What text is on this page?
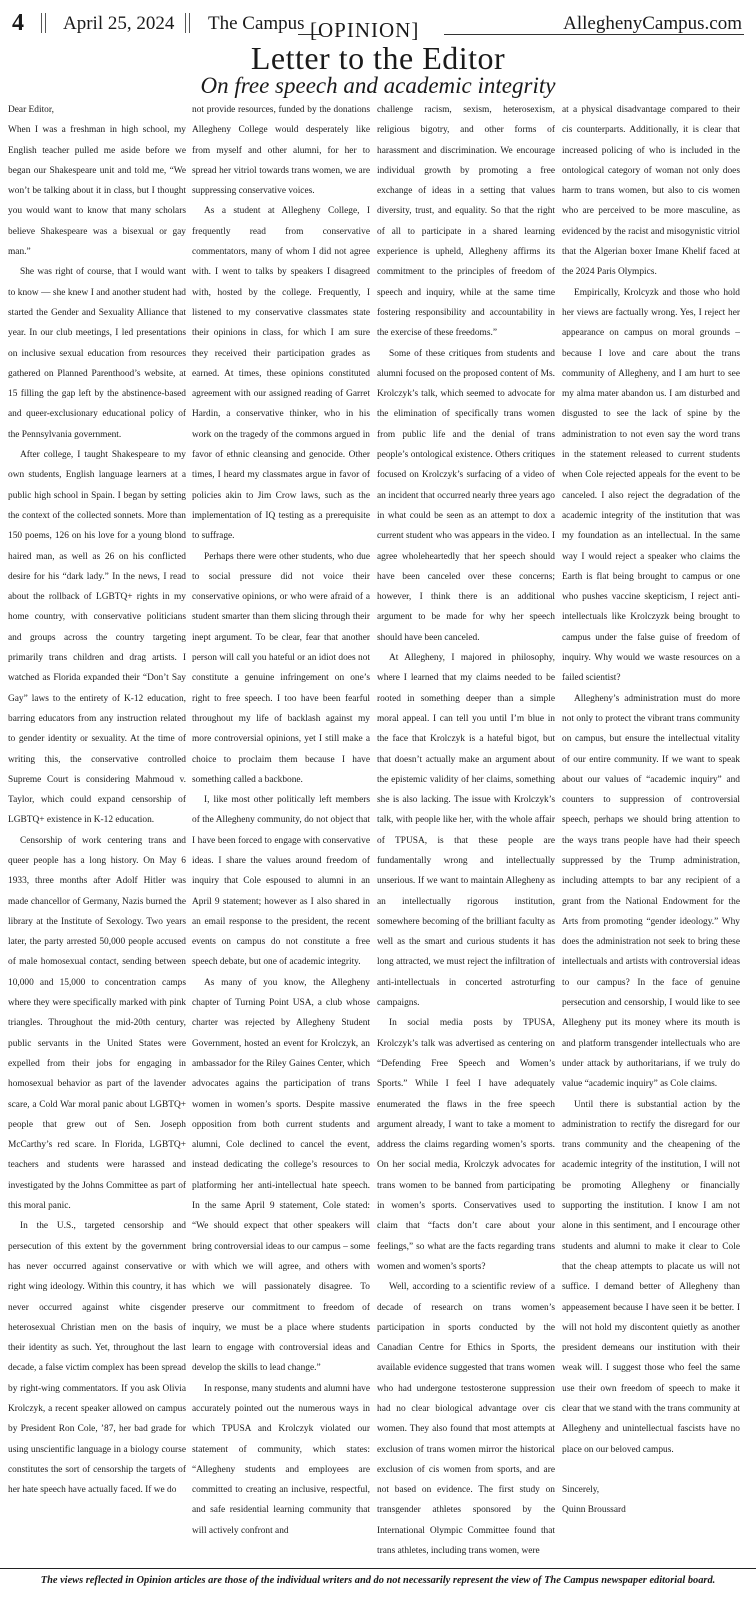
4 April 25, 2024 The Campus	AlleghenyCampus.com
[OPINION]
Letter to the Editor
On free speech and academic integrity

Dear Editor,

When I was a freshman in high school, my English teacher pulled me aside before we began our Shakespeare unit and told me, “We won’t be talking about it in class, but I thought you would want to know that many scholars believe Shakespeare was a bisexual or gay man.”

She was right of course, that I would want to know — she knew I and another student had started the Gender and Sexuality Alliance that year. In our club meetings, I led presentations on inclusive sexual education from resources gathered on Planned Parenthood’s website, at 15 filling the gap left by the abstinence-based and queer-exclusionary educational policy of the Pennsylvania government.

After college, I taught Shakespeare to my own students, English language learners at a public high school in Spain. I began by setting the context of the collected sonnets. More than 150 poems, 126 on his love for a young blond haired man, as well as 26 on his conflicted desire for his “dark lady.” In the news, I read about the rollback of LGBTQ+ rights in my home country, with conservative politicians and groups across the country targeting primarily trans children and drag artists. I watched as Florida expanded their “Don’t Say Gay” laws to the entirety of K-12 education, barring educators from any instruction related to gender identity or sexuality. At the time of writing this, the conservative controlled Supreme Court is considering Mahmoud v. Taylor, which could expand censorship of LGBTQ+ existence in K-12 education.

Censorship of work centering trans and queer people has a long history. On May 6 1933, three months after Adolf Hitler was made chancellor of Germany, Nazis burned the library at the Institute of Sexology. Two years later, the party arrested 50,000 people accused of male homosexual contact, sending between 10,000 and 15,000 to concentration camps where they were specifically marked with pink triangles. Throughout the mid-20th century, public servants in the United States were expelled from their jobs for engaging in homosexual behavior as part of the lavender scare, a Cold War moral panic about LGBTQ+ people that grew out of Sen. Joseph McCarthy’s red scare. In Florida, LGBTQ+ teachers and students were harassed and investigated by the Johns Committee as part of this moral panic.

In the U.S., targeted censorship and persecution of this extent by the government has never occurred against conservative or right wing ideology. Within this country, it has never occurred against white cisgender heterosexual Christian men on the basis of their identity as such. Yet, throughout the last decade, a false victim complex has been spread by right-wing commentators. If you ask Olivia Krolczyk, a recent speaker allowed on campus by President Ron Cole, ’87, her bad grade for using unscientific language in a biology course constitutes the sort of censorship the targets of her hate speech have actually faced. If we do

not provide resources, funded by the donations Allegheny College would desperately like from myself and other alumni, for her to spread her vitriol towards trans women, we are suppressing conservative voices.

As a student at Allegheny College, I frequently read from conservative commentators, many of whom I did not agree with. I went to talks by speakers I disagreed with, hosted by the college. Frequently, I listened to my conservative classmates state their opinions in class, for which I am sure they received their participation grades as earned. At times, these opinions constituted agreement with our assigned reading of Garret Hardin, a conservative thinker, who in his work on the tragedy of the commons argued in favor of ethnic cleansing and genocide. Other times, I heard my classmates argue in favor of policies akin to Jim Crow laws, such as the implementation of IQ testing as a prerequisite to suffrage.

Perhaps there were other students, who due to social pressure did not voice their conservative opinions, or who were afraid of a student smarter than them slicing through their inept argument. To be clear, fear that another person will call you hateful or an idiot does not constitute a genuine infringement on one’s right to free speech. I too have been fearful throughout my life of backlash against my more controversial opinions, yet I still make a choice to proclaim them because I have something called a backbone.

I, like most other politically left members of the Allegheny community, do not object that I have been forced to engage with conservative ideas. I share the values around freedom of inquiry that Cole espoused to alumni in an April 9 statement; however as I also shared in an email response to the president, the recent events on campus do not constitute a free speech debate, but one of academic integrity.

As many of you know, the Allegheny chapter of Turning Point USA, a club whose charter was rejected by Allegheny Student Government, hosted an event for Krolczyk, an ambassador for the Riley Gaines Center, which advocates agains the participation of trans women in women’s sports. Despite massive opposition from both current students and alumni, Cole declined to cancel the event, instead dedicating the college’s resources to platforming her anti-intellectual hate speech. In the same April 9 statement, Cole stated: “We should expect that other speakers will bring controversial ideas to our campus – some with which we will agree, and others with which we will passionately disagree. To preserve our commitment to freedom of inquiry, we must be a place where students learn to engage with controversial ideas and develop the skills to lead change.”

In response, many students and alumni have accurately pointed out the numerous ways in which TPUSA and Krolczyk violated our statement of community, which states: “Allegheny students and employees are committed to creating an inclusive, respectful, and safe residential learning community that will actively confront and

challenge racism, sexism, heterosexism, religious bigotry, and other forms of harassment and discrimination. We encourage individual growth by promoting a free exchange of ideas in a setting that values diversity, trust, and equality. So that the right of all to participate in a shared learning experience is upheld, Allegheny affirms its commitment to the principles of freedom of speech and inquiry, while at the same time fostering responsibility and accountability in the exercise of these freedoms.”

Some of these critiques from students and alumni focused on the proposed content of Ms. Krolczyk’s talk, which seemed to advocate for the elimination of specifically trans women from public life and the denial of trans people’s ontological existence. Others critiques focused on Krolczyk’s surfacing of a video of an incident that occurred nearly three years ago in what could be seen as an attempt to dox a current student who was appears in the video. I agree wholeheartedly that her speech should have been canceled over these concerns; however, I think there is an additional argument to be made for why her speech should have been canceled.

At Allegheny, I majored in philosophy, where I learned that my claims needed to be rooted in something deeper than a simple moral appeal. I can tell you until I’m blue in the face that Krolczyk is a hateful bigot, but that doesn’t actually make an argument about the epistemic validity of her claims, something she is also lacking. The issue with Krolczyk’s talk, with people like her, with the whole affair of TPUSA, is that these people are fundamentally wrong and intellectually unserious. If we want to maintain Allegheny as an intellectually rigorous institution, somewhere becoming of the brilliant faculty as well as the smart and curious students it has long attracted, we must reject the infiltration of anti-intellectuals in concerted astroturfing campaigns.

In social media posts by TPUSA, Krolczyk’s talk was advertised as centering on “Defending Free Speech and Women’s Sports.” While I feel I have adequately enumerated the flaws in the free speech argument already, I want to take a moment to address the claims regarding women’s sports. On her social media, Krolczyk advocates for trans women to be banned from participating in women’s sports. Conservatives used to claim that “facts don’t care about your feelings,” so what are the facts regarding trans women and women’s sports?

Well, according to a scientific review of a decade of research on trans women’s participation in sports conducted by the Canadian Centre for Ethics in Sports, the available evidence suggested that trans women who had undergone testosterone suppression had no clear biological advantage over cis women. They also found that most attempts at exclusion of trans women mirror the historical exclusion of cis women from sports, and are not based on evidence. The first study on transgender athletes sponsored by the International Olympic Committee found that trans athletes, including trans women, were

at a physical disadvantage compared to their cis counterparts. Additionally, it is clear that increased policing of who is included in the ontological category of woman not only does harm to trans women, but also to cis women who are perceived to be more masculine, as evidenced by the racist and misogynistic vitriol that the Algerian boxer Imane Khelif faced at the 2024 Paris Olympics.

Empirically, Krolcyzk and those who hold her views are factually wrong. Yes, I reject her appearance on campus on moral grounds – because I love and care about the trans community of Allegheny, and I am hurt to see my alma mater abandon us. I am disturbed and disgusted to see the lack of spine by the administration to not even say the word trans in the statement released to current students when Cole rejected appeals for the event to be canceled. I also reject the degradation of the academic integrity of the institution that was my foundation as an intellectual. In the same way I would reject a speaker who claims the Earth is flat being brought to campus or one who pushes vaccine skepticism, I reject anti-intellectuals like Krolczyzk being brought to campus under the false guise of freedom of inquiry. Why would we waste resources on a failed scientist?

Allegheny’s administration must do more not only to protect the vibrant trans community on campus, but ensure the intellectual vitality of our entire community. If we want to speak about our values of “academic inquiry” and counters to suppression of controversial speech, perhaps we should bring attention to the ways trans people have had their speech suppressed by the Trump administration, including attempts to bar any recipient of a grant from the National Endowment for the Arts from promoting “gender ideology.” Why does the administration not seek to bring these intellectuals and artists with controversial ideas to our campus? In the face of genuine persecution and censorship, I would like to see Allegheny put its money where its mouth is and platform transgender intellectuals who are under attack by authoritarians, if we truly do value “academic inquiry” as Cole claims.

Until there is substantial action by the administration to rectify the disregard for our trans community and the cheapening of the academic integrity of the institution, I will not be promoting Allegheny or financially supporting the institution. I know I am not alone in this sentiment, and I encourage other students and alumni to make it clear to Cole that the cheap attempts to placate us will not suffice. I demand better of Allegheny than appeasement because I have seen it be better. I will not hold my discontent quietly as another president demeans our institution with their weak will. I suggest those who feel the same use their own freedom of speech to make it clear that we stand with the trans community at Allegheny and unintellectual fascists have no place on our beloved campus.

Sincerely,

Quinn Broussard

The views reflected in Opinion articles are those of the individual writers and do not necessarily represent the view of The Campus newspaper editorial board.
